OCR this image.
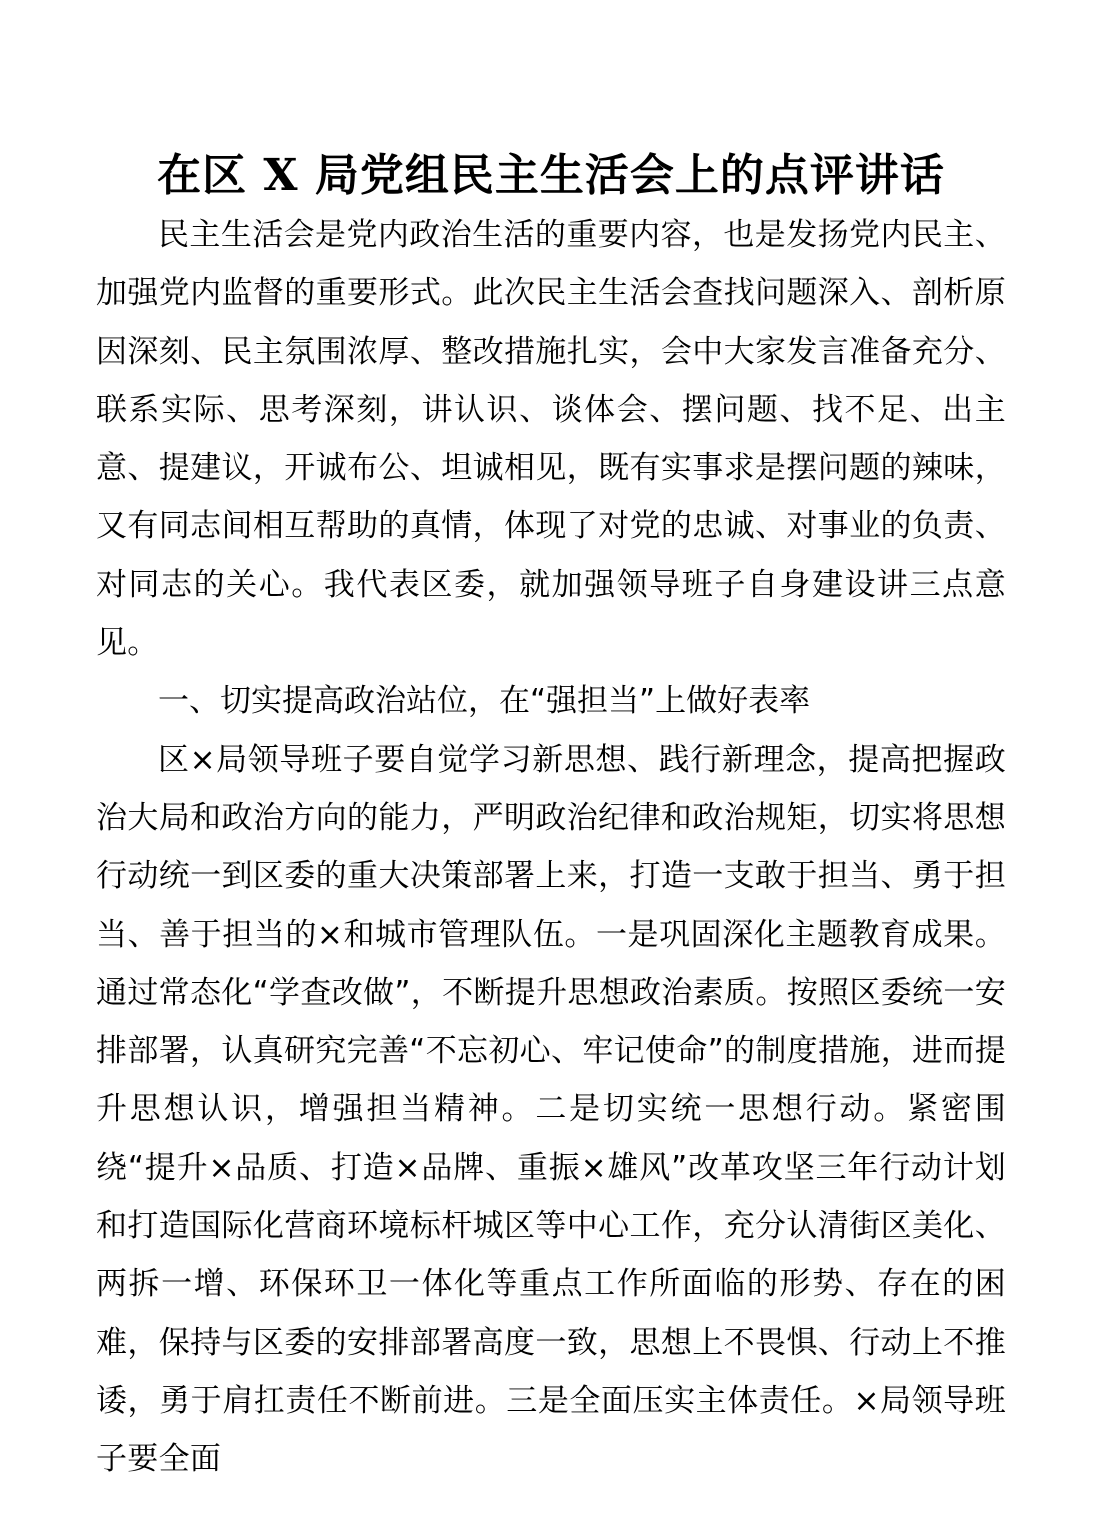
在区 X 局党组民主生活会上的点评讲话

民主生活会是党内政治生活的重要内容，也是发扬党内民主、加强党内监督的重要形式。此次民主生活会查找问题深入、剖析原因深刻、民主氛围浓厚、整改措施扎实，会中大家发言准备充分、联系实际、思考深刻，讲认识、谈体会、摆问题、找不足、出主意、提建议，开诚布公、坦诚相见，既有实事求是摆问题的辣味，又有同志间相互帮助的真情，体现了对党的忠诚、对事业的负责、对同志的关心。我代表区委，就加强领导班子自身建设讲三点意见。

一、切实提高政治站位，在“强担当”上做好表率

区×局领导班子要自觉学习新思想、践行新理念，提高把握政治大局和政治方向的能力，严明政治纪律和政治规矩，切实将思想行动统一到区委的重大决策部署上来，打造一支敢于担当、勇于担当、善于担当的×和城市管理队伍。一是巩固深化主题教育成果。通过常态化“学查改做”，不断提升思想政治素质。按照区委统一安排部署，认真研究完善“不忘初心、牢记使命”的制度措施，进而提升思想认识，增强担当精神。二是切实统一思想行动。紧密围绕“提升×品质、打造×品牌、重振×雄风”改革攻坚三年行动计划和打造国际化营商环境标杆城区等中心工作，充分认清街区美化、两拆一增、环保环卫一体化等重点工作所面临的形势、存在的困难，保持与区委的安排部署高度一致，思想上不畏惧、行动上不推诿，勇于肩扛责任不断前进。三是全面压实主体责任。×局领导班子要全面
